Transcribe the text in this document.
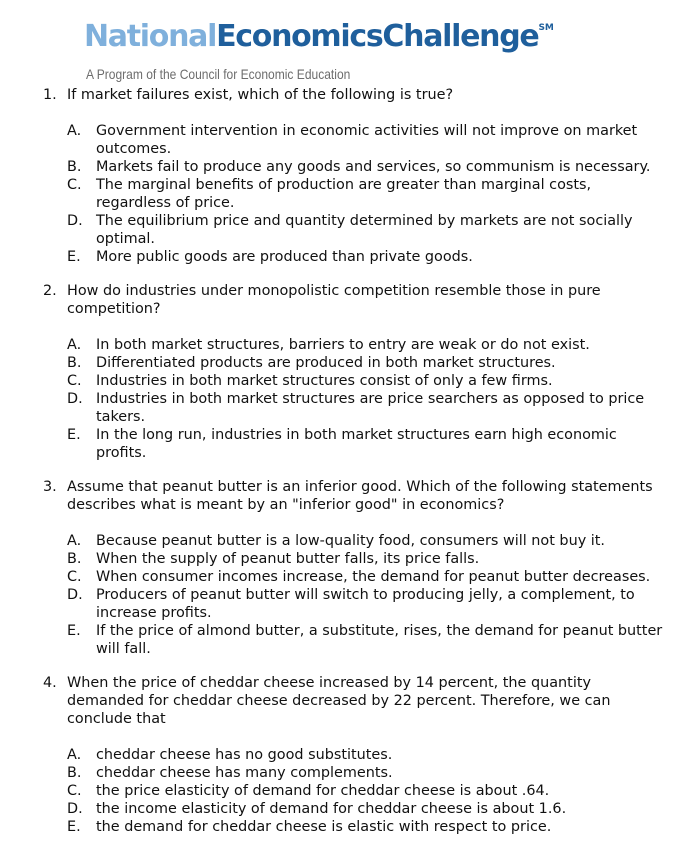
NationalEconomicsChallenge℠
A Program of the Council for Economic Education
1. If market failures exist, which of the following is true?
A. Government intervention in economic activities will not improve on market outcomes.
B. Markets fail to produce any goods and services, so communism is necessary.
C. The marginal benefits of production are greater than marginal costs, regardless of price.
D. The equilibrium price and quantity determined by markets are not socially optimal.
E. More public goods are produced than private goods.
2. How do industries under monopolistic competition resemble those in pure competition?
A. In both market structures, barriers to entry are weak or do not exist.
B. Differentiated products are produced in both market structures.
C. Industries in both market structures consist of only a few firms.
D. Industries in both market structures are price searchers as opposed to price takers.
E. In the long run, industries in both market structures earn high economic profits.
3. Assume that peanut butter is an inferior good. Which of the following statements describes what is meant by an "inferior good" in economics?
A. Because peanut butter is a low-quality food, consumers will not buy it.
B. When the supply of peanut butter falls, its price falls.
C. When consumer incomes increase, the demand for peanut butter decreases.
D. Producers of peanut butter will switch to producing jelly, a complement, to increase profits.
E. If the price of almond butter, a substitute, rises, the demand for peanut butter will fall.
4. When the price of cheddar cheese increased by 14 percent, the quantity demanded for cheddar cheese decreased by 22 percent. Therefore, we can conclude that
A. cheddar cheese has no good substitutes.
B. cheddar cheese has many complements.
C. the price elasticity of demand for cheddar cheese is about .64.
D. the income elasticity of demand for cheddar cheese is about 1.6.
E. the demand for cheddar cheese is elastic with respect to price.
